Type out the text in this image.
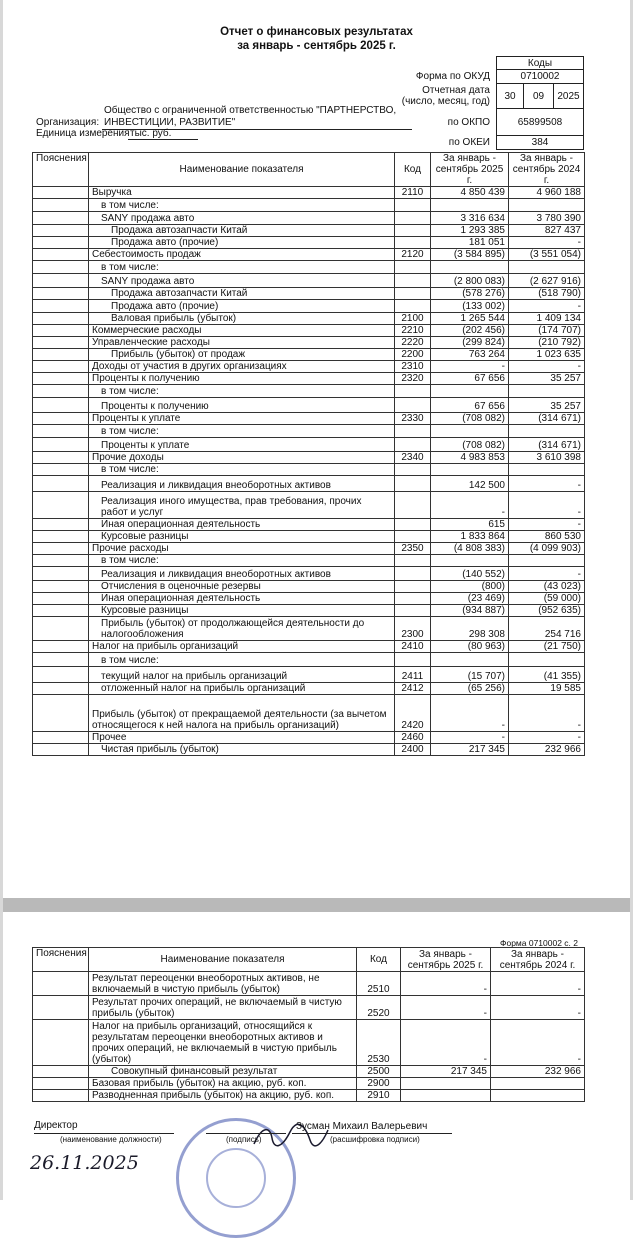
Отчет о финансовых результатах
за январь - сентябрь 2025 г.
Коды
Форма по ОКУД	0710002
Отчетная дата
(число, месяц, год)	30	09	2025
Общество с ограниченной ответственностью "ПАРТНЕРСТВО,
Организация: ИНВЕСТИЦИИ, РАЗВИТИЕ"	по ОКПО	65899508
Единица измерения тыс. руб.
по ОКЕИ	384
Пояснения	Наименование показателя	Код	За январь -
сентябрь 2025 г.	За январь -
сентябрь 2024 г.
	Выручка	2110	4 850 439	4 960 188
	в том числе:			
	SANY продажа авто		3 316 634	3 780 390
	Продажа автозапчасти Китай		1 293 385	827 437
	Продажа авто (прочие)		181 051	-
	Себестоимость продаж	2120	(3 584 895)	(3 551 054)
	в том числе:			
	SANY продажа авто		(2 800 083)	(2 627 916)
	Продажа автозапчасти Китай		(578 276)	(518 790)
	Продажа авто (прочие)		(133 002)	-
	Валовая прибыль (убыток)	2100	1 265 544	1 409 134
	Коммерческие расходы	2210	(202 456)	(174 707)
	Управленческие расходы	2220	(299 824)	(210 792)
	Прибыль (убыток) от продаж	2200	763 264	1 023 635
	Доходы от участия в других организациях	2310	-	-
	Проценты к получению	2320	67 656	35 257
	в том числе:			
	Проценты к получению		67 656	35 257
	Проценты к уплате	2330	(708 082)	(314 671)
	в том числе:			
	Проценты к уплате		(708 082)	(314 671)
	Прочие доходы	2340	4 983 853	3 610 398
	в том числе:			
	Реализация и ликвидация внеоборотных активов		142 500	-
	Реализация иного имущества, прав требования, прочих работ и услуг		-	-
	Иная операционная деятельность		615	-
	Курсовые разницы		1 833 864	860 530
	Прочие расходы	2350	(4 808 383)	(4 099 903)
	в том числе:			
	Реализация и ликвидация внеоборотных активов		(140 552)	-
	Отчисления в оценочные резервы		(800)	(43 023)
	Иная операционная деятельность		(23 469)	(59 000)
	Курсовые разницы		(934 887)	(952 635)
	Прибыль (убыток) от продолжающейся деятельности до налогообложения	2300	298 308	254 716
	Налог на прибыль организаций	2410	(80 963)	(21 750)
	в том числе:			
	текущий налог на прибыль организаций	2411	(15 707)	(41 355)
	отложенный налог на прибыль организаций	2412	(65 256)	19 585
	Прибыль (убыток) от прекращаемой деятельности (за вычетом относящегося к ней налога на прибыль организаций)	2420	-	-
	Прочее	2460	-	-
	Чистая прибыль (убыток)	2400	217 345	232 966
Форма 0710002 с. 2
Пояснения	Наименование показателя	Код	За январь -
сентябрь 2025 г.	За январь -
сентябрь 2024 г.
	Результат переоценки внеоборотных активов, не включаемый в чистую прибыль (убыток)	2510	-	-
	Результат прочих операций, не включаемый в чистую прибыль (убыток)	2520	-	-
	Налог на прибыль организаций, относящийся к результатам переоценки внеоборотных активов и прочих операций, не включаемый в чистую прибыль (убыток)	2530	-	-
	Совокупный финансовый результат	2500	217 345	232 966
	Базовая прибыль (убыток) на акцию, руб. коп.	2900		
	Разводненная прибыль (убыток) на акцию, руб. коп.	2910		
Директор
(наименование должности)	(подпись)
Зусман Михаил Валерьевич
(расшифровка подписи)
26.11.2025
